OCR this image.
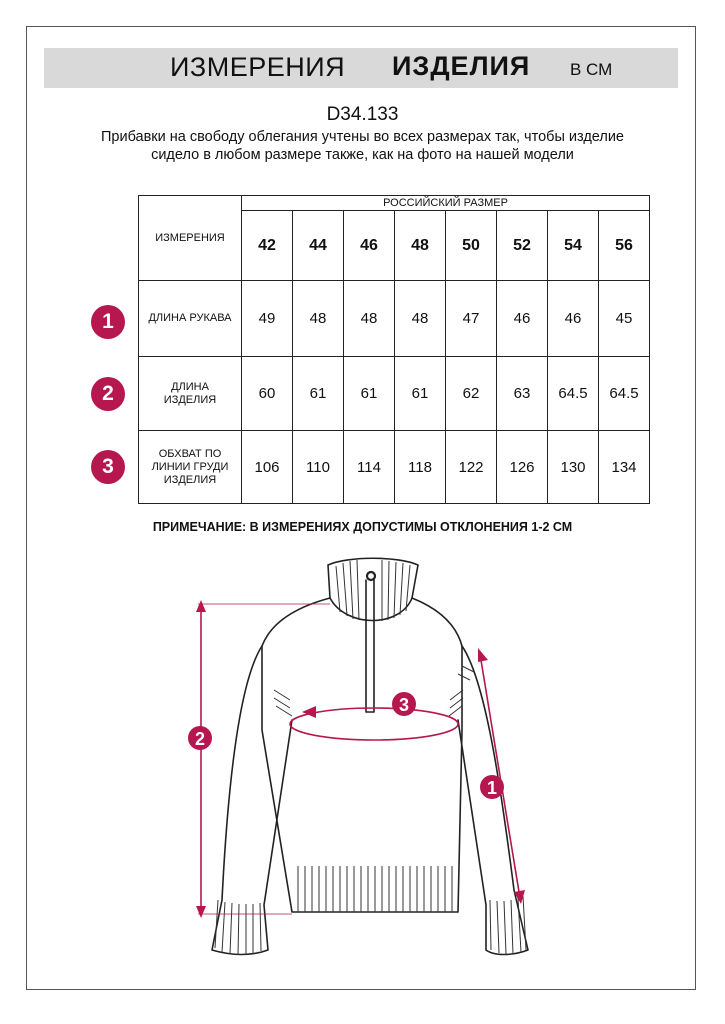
ИЗМЕРЕНИЯ ИЗДЕЛИЯ В СМ
D34.133
Прибавки на свободу облегания учтены во всех размерах так, чтобы изделие сидело в любом размере также, как на фото на нашей модели
ИЗМЕРЕНИЯ	РОССИЙСКИЙ РАЗМЕР							
	42	44	46	48	50	52	54	56
ДЛИНА РУКАВА	49	48	48	48	47	46	46	45
ДЛИНА ИЗДЕЛИЯ	60	61	61	61	62	63	64.5	64.5
ОБХВАТ ПО ЛИНИИ ГРУДИ ИЗДЕЛИЯ	106	110	114	118	122	126	130	134
1
2
3
ПРИМЕЧАНИЕ: В ИЗМЕРЕНИЯХ ДОПУСТИМЫ ОТКЛОНЕНИЯ 1-2 СМ
2
3
1
